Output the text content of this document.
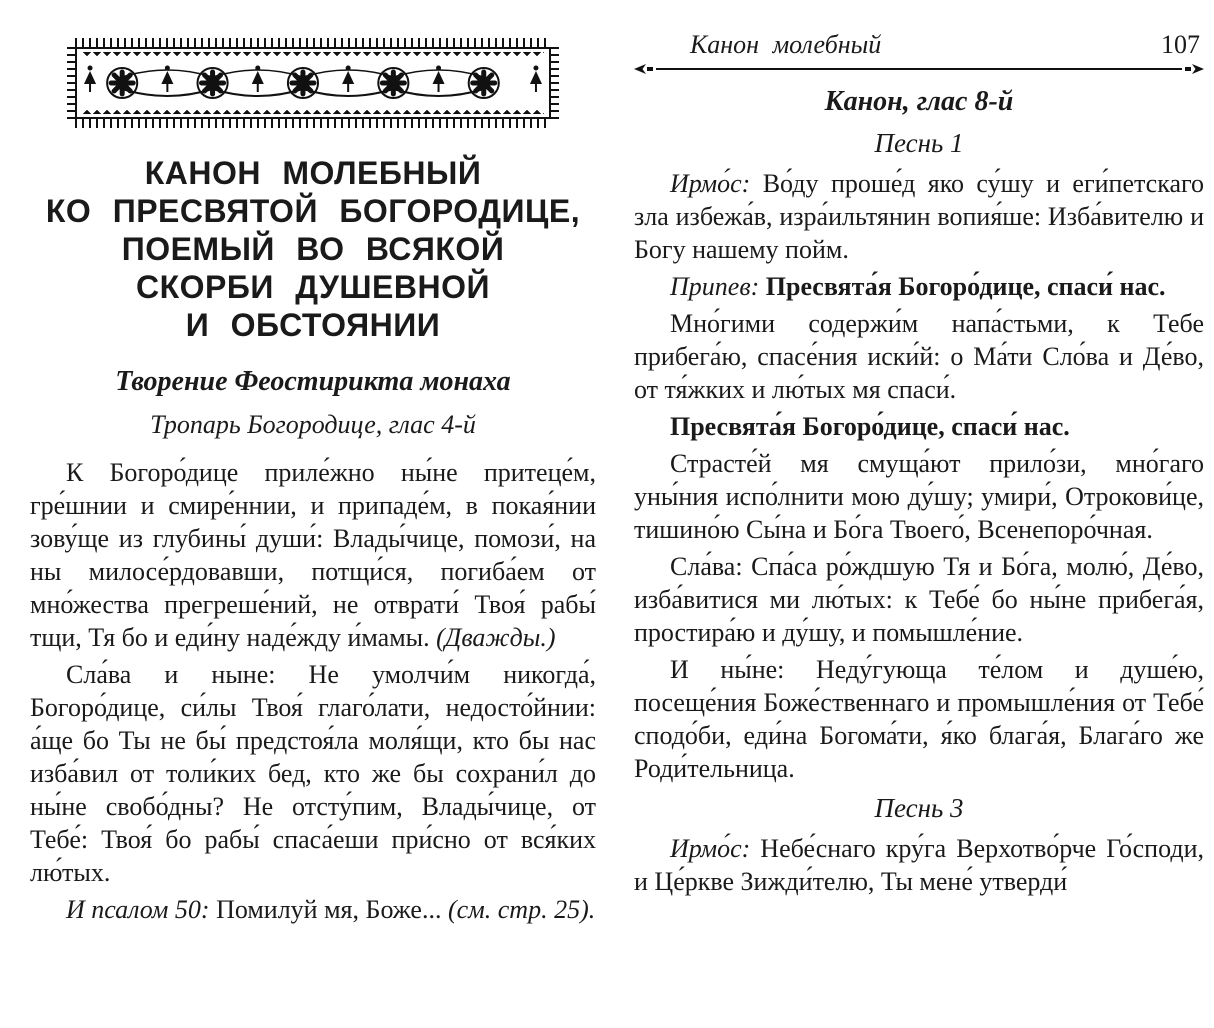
КАНОН МОЛЕБНЫЙ
КО ПРЕСВЯТОЙ БОГОРОДИЦЕ,
ПОЕМЫЙ ВО ВСЯКОЙ
СКОРБИ ДУШЕВНОЙ
И ОБСТОЯНИИ
Творение Феостирикта монаха
Тропарь Богородице, глас 4-й

К Богоро́дице приле́жно ны́не притеце́м, гре́шнии и смире́ннии, и припаде́м, в покая́нии зову́ще из глубины́ души́: Влады́чице, помози́, на ны милосе́рдовавши, потщи́ся, погиба́ем от мно́жества прегреше́ний, не отврати́ Твоя́ рабы́ тщи, Тя бо и еди́ну наде́жду и́мамы. (Дважды.)

Сла́ва и ныне: Не умолчи́м никогда́, Богоро́дице, си́лы Твоя́ глаго́лати, недосто́йнии: а́ще бо Ты не бы́ предстоя́ла моля́щи, кто бы нас изба́вил от толи́ких бед, кто же бы сохрани́л до ны́не свобо́дны? Не отсту́пим, Влады́чице, от Тебе́: Твоя́ бо рабы́ спаса́еши при́сно от вся́ких лю́тых.

И псалом 50: Помилуй мя, Боже... (см. стр. 25).

Канон молебный	107
Канон, глас 8-й
Песнь 1

Ирмо́с: Во́ду проше́д яко су́шу и еги́петскаго зла избежа́в, изра́ильтянин вопия́ше: Изба́вителю и Богу нашему пойм.

Припев: Пресвята́я Богоро́дице, спаси́ нас.

Мно́гими содержи́м напа́стьми, к Тебе прибега́ю, спасе́ния иски́й: о Ма́ти Сло́ва и Де́во, от тя́жких и лю́тых мя спаси́.

Пресвята́я Богоро́дице, спаси́ нас.

Страсте́й мя смуща́ют прило́зи, мно́гаго уны́ния испо́лнити мою ду́шу; умири́, Отрокови́це, тишино́ю Сы́на и Бо́га Твоего́, Всенепоро́чная.

Сла́ва: Спа́са ро́ждшую Тя и Бо́га, молю́, Де́во, изба́витися ми лю́тых: к Тебе́ бо ны́не прибега́я, простира́ю и ду́шу, и помышле́ние.

И ны́не: Неду́гующа те́лом и душе́ю, посеще́ния Боже́ственнаго и промышле́ния от Тебе́ сподо́би, еди́на Богома́ти, я́ко блага́я, Блага́го же Роди́тельница.

Песнь 3

Ирмо́с: Небе́снаго кру́га Верхотво́рче Го́споди, и Це́ркве Зижди́телю, Ты мене́ утверди́
